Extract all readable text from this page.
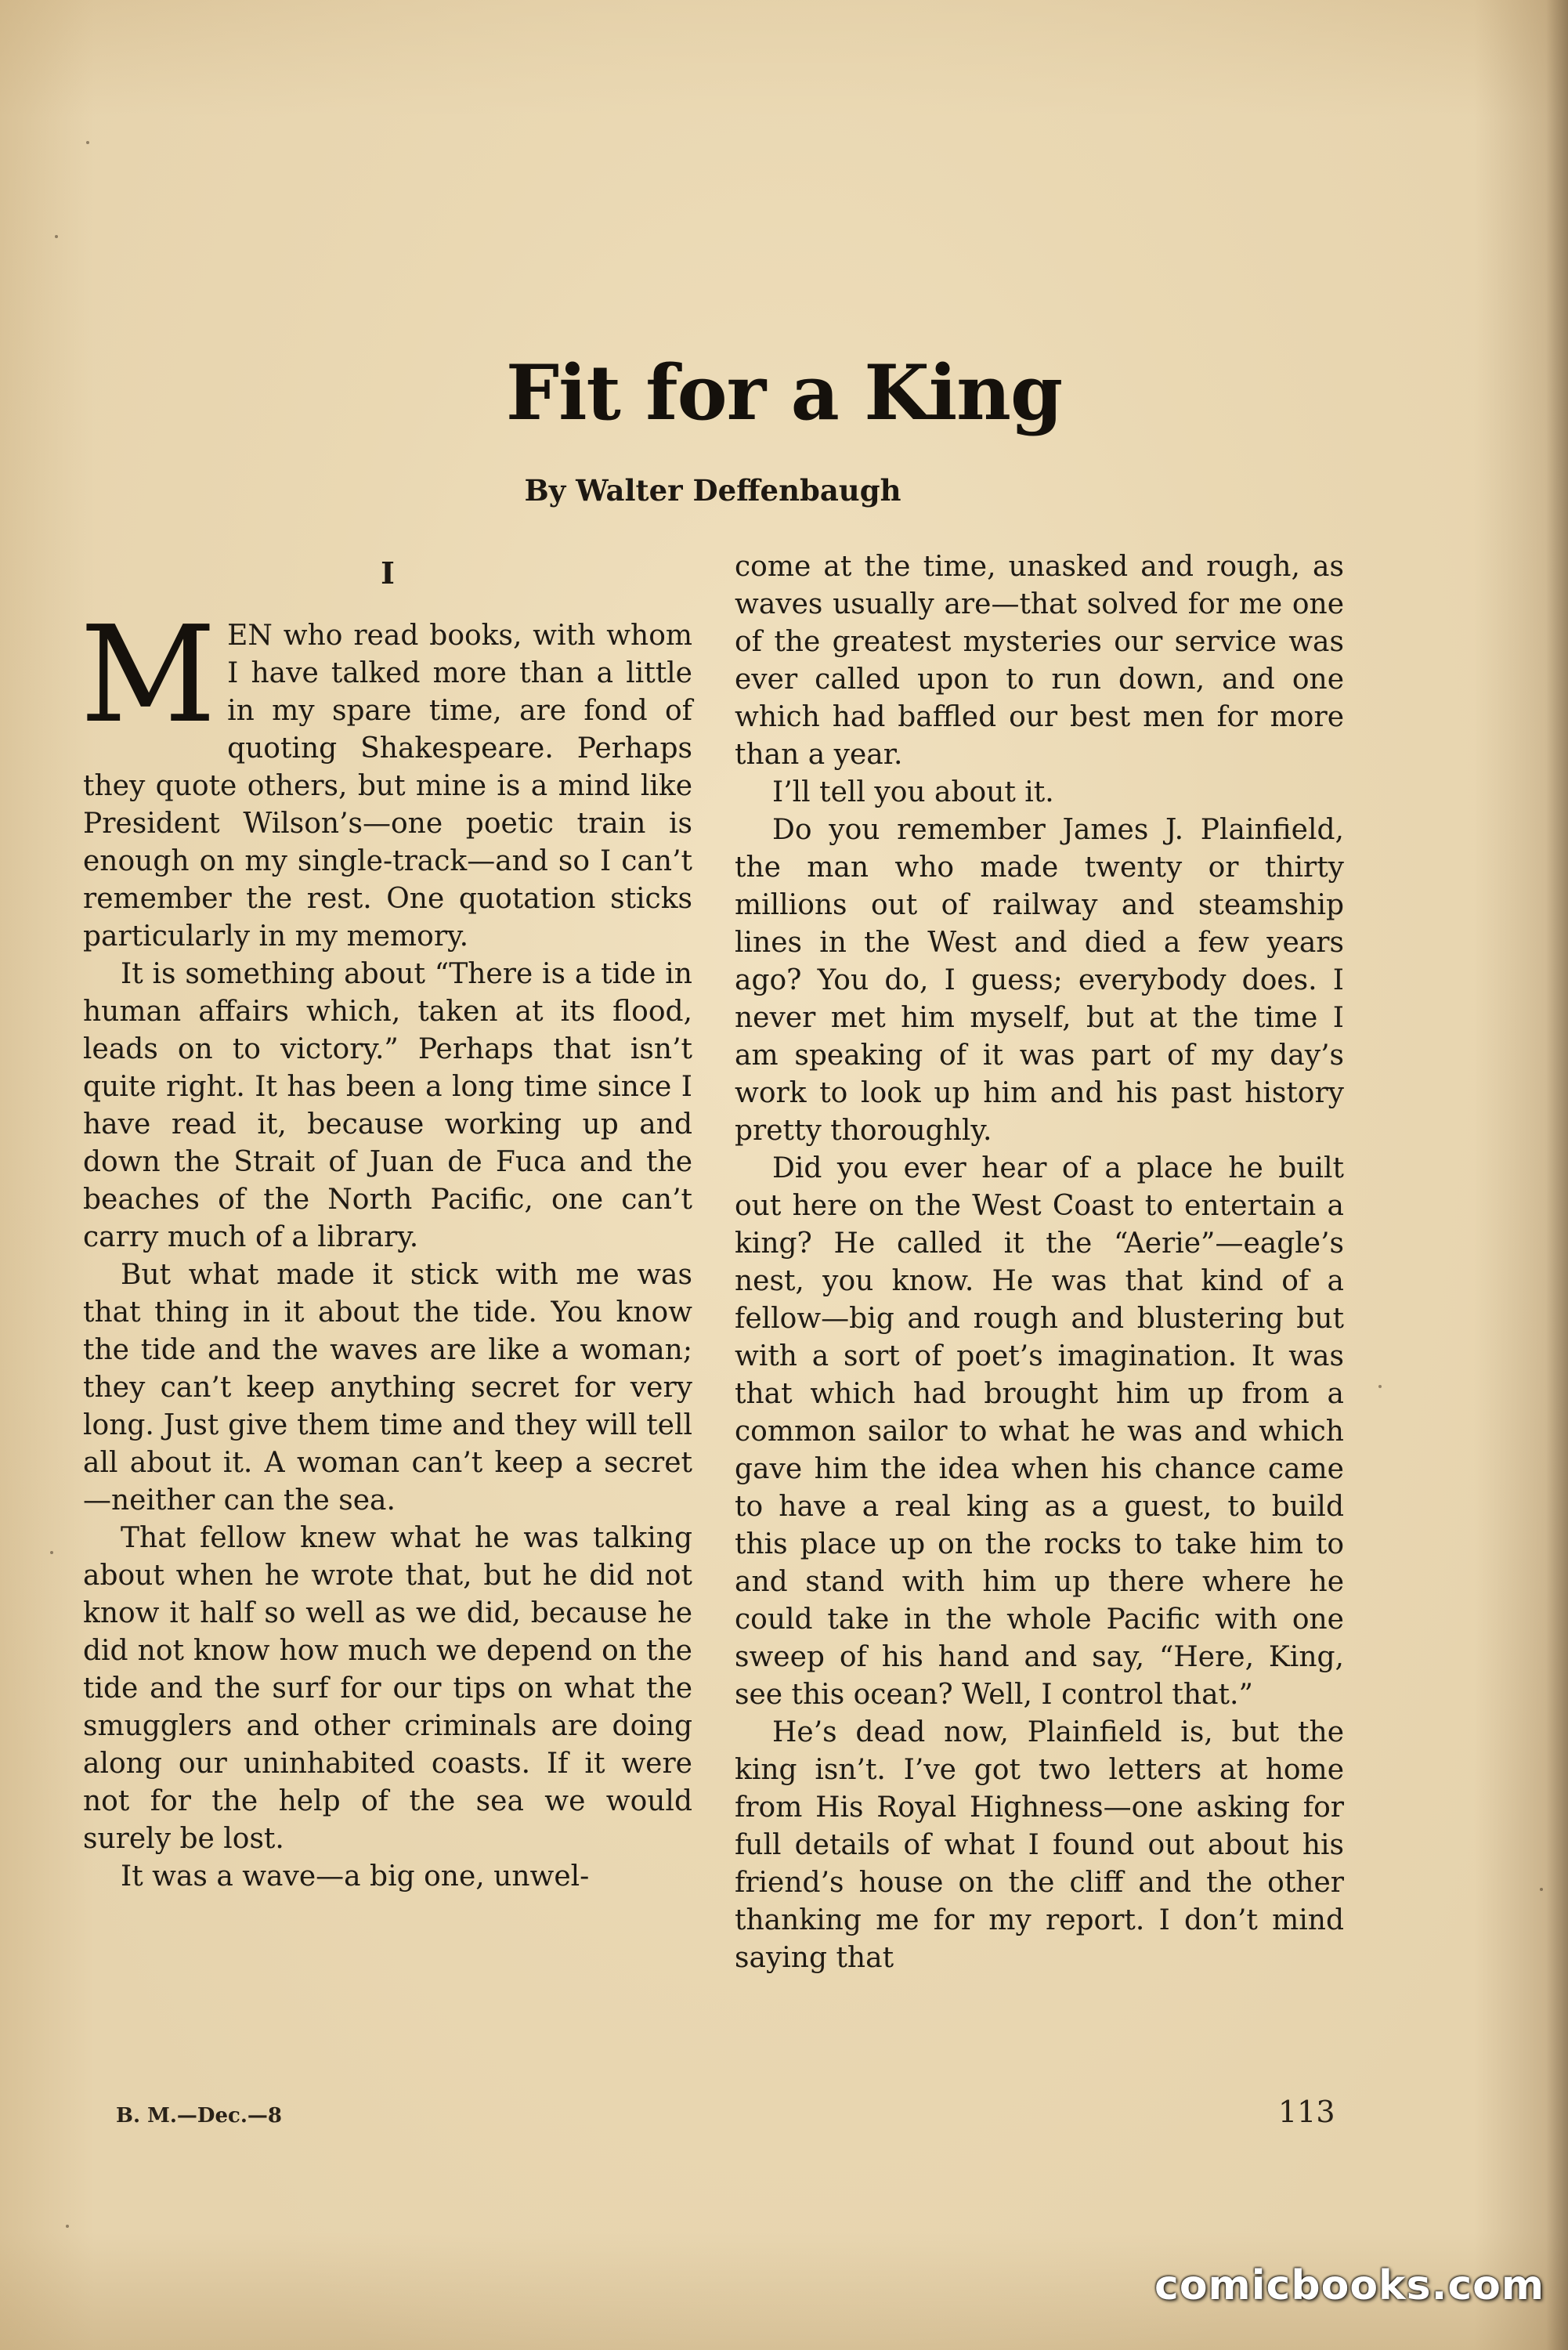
Fit for a King
By Walter Deffenbaugh
I

MEN who read books, with whom I have talked more than a little in my spare time, are fond of quoting Shakespeare. Perhaps they quote others, but mine is a mind like President Wilson’s—one poetic train is enough on my single-track—and so I can’t remember the rest. One quotation sticks particularly in my memory.

It is something about “There is a tide in human affairs which, taken at its flood, leads on to victory.” Perhaps that isn’t quite right. It has been a long time since I have read it, because working up and down the Strait of Juan de Fuca and the beaches of the North Pacific, one can’t carry much of a library.

But what made it stick with me was that thing in it about the tide. You know the tide and the waves are like a woman; they can’t keep anything secret for very long. Just give them time and they will tell all about it. A woman can’t keep a secret—neither can the sea.

That fellow knew what he was talking about when he wrote that, but he did not know it half so well as we did, because he did not know how much we depend on the tide and the surf for our tips on what the smugglers and other criminals are doing along our uninhabited coasts. If it were not for the help of the sea we would surely be lost.

It was a wave—a big one, unwel-

come at the time, unasked and rough, as waves usually are—that solved for me one of the greatest mysteries our service was ever called upon to run down, and one which had baffled our best men for more than a year.

I’ll tell you about it.

Do you remember James J. Plainfield, the man who made twenty or thirty millions out of railway and steamship lines in the West and died a few years ago? You do, I guess; everybody does. I never met him myself, but at the time I am speaking of it was part of my day’s work to look up him and his past history pretty thoroughly.

Did you ever hear of a place he built out here on the West Coast to entertain a king? He called it the “Aerie”—eagle’s nest, you know. He was that kind of a fellow—big and rough and blustering but with a sort of poet’s imagination. It was that which had brought him up from a common sailor to what he was and which gave him the idea when his chance came to have a real king as a guest, to build this place up on the rocks to take him to and stand with him up there where he could take in the whole Pacific with one sweep of his hand and say, “Here, King, see this ocean? Well, I control that.”

He’s dead now, Plainfield is, but the king isn’t. I’ve got two letters at home from His Royal Highness—one asking for full details of what I found out about his friend’s house on the cliff and the other thanking me for my report. I don’t mind saying that

B. M.—Dec.—8	113
comicbooks.com
